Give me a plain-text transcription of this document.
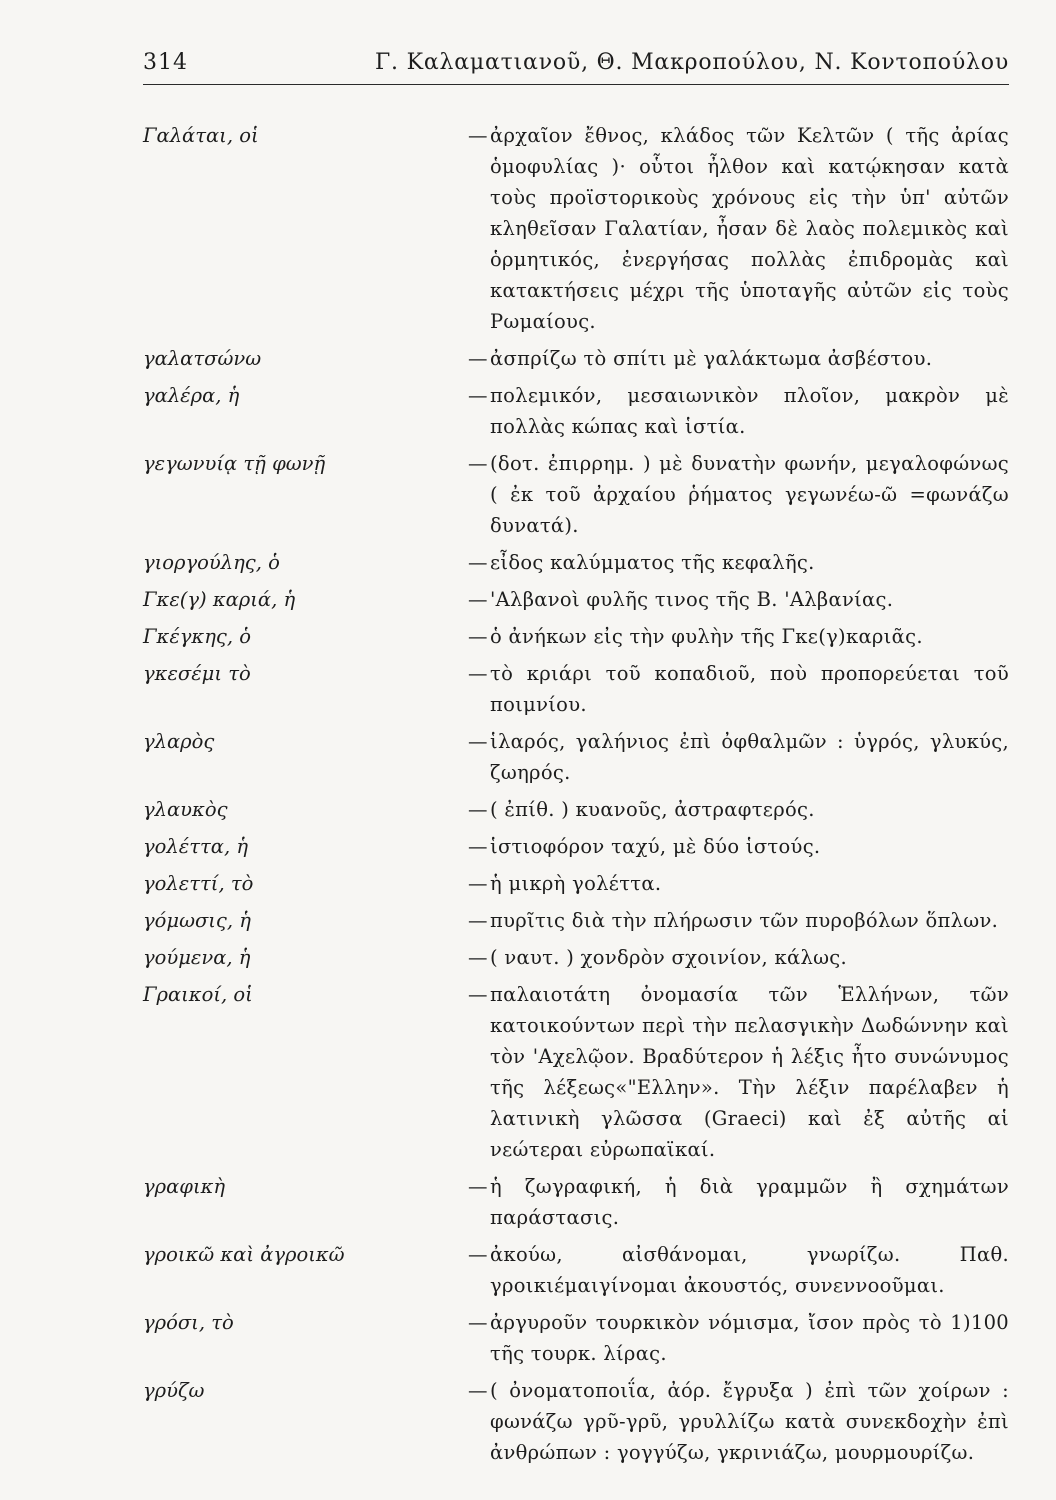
314	Γ. Καλαματιανοῦ, Θ. Μακροπούλου, Ν. Κοντοπούλου
Γαλάται, οἱ	— ἀρχαῖον ἔθνος, κλάδος τῶν Κελτῶν ( τῆς ἀρίας ὁμοφυλίας )· οὗτοι ἦλθον καὶ κατῴκησαν κατὰ τοὺς προϊστορικοὺς χρόνους εἰς τὴν ὑπ' αὐτῶν κληθεῖσαν Γαλατίαν, ἦσαν δὲ λαὸς πολεμικὸς καὶ ὁρμητικός, ἐνεργήσας πολλὰς ἐπιδρομὰς καὶ κατακτήσεις μέχρι τῆς ὑποταγῆς αὐτῶν εἰς τοὺς Ρωμαίους.
γαλατσώνω	— ἀσπρίζω τὸ σπίτι μὲ γαλάκτωμα ἀσβέστου.
γαλέρα, ἡ	— πολεμικόν, μεσαιωνικὸν πλοῖον, μακρὸν μὲ πολλὰς κώπας καὶ ἱστία.
γεγωνυίᾳ τῇ φωνῇ	— (δοτ. ἐπιρρημ. ) μὲ δυνατὴν φωνήν, μεγαλοφώνως ( ἐκ τοῦ ἀρχαίου ῥήματος γεγωνέω-ῶ =φωνάζω δυνατά).
γιοργούλης, ὁ	— εἶδος καλύμματος τῆς κεφαλῆς.
Γκε(γ) καριά, ἡ	— 'Αλβανοὶ φυλῆς τινος τῆς Β. 'Αλβανίας.
Γκέγκης, ὁ	— ὁ ἀνήκων εἰς τὴν φυλὴν τῆς Γκε(γ)καριᾶς.
γκεσέμι τὸ	— τὸ κριάρι τοῦ κοπαδιοῦ, ποὺ προπορεύεται τοῦ ποιμνίου.
γλαρὸς	— ἱλαρός, γαλήνιος ἐπὶ ὀφθαλμῶν : ὑγρός, γλυκύς, ζωηρός.
γλαυκὸς	— ( ἐπίθ. ) κυανοῦς, ἀστραφτερός.
γολέττα, ἡ	— ἱστιοφόρον ταχύ, μὲ δύο ἱστούς.
γολεττί, τὸ	— ἡ μικρὴ γολέττα.
γόμωσις, ἡ	— πυρῖτις διὰ τὴν πλήρωσιν τῶν πυροβόλων ὅπλων.
γούμενα, ἡ	— ( ναυτ. ) χονδρὸν σχοινίον, κάλως.
Γραικοί, οἱ	— παλαιοτάτη ὀνομασία τῶν Ἑλλήνων, τῶν κατοικούντων περὶ τὴν πελασγικὴν Δωδώννην καὶ τὸν 'Αχελῷον. Βραδύτερον ἡ λέξις ἦτο συνώνυμος τῆς λέξεως«"Ελλην». Τὴν λέξιν παρέλαβεν ἡ λατινικὴ γλῶσσα (Graeci) καὶ ἐξ αὐτῆς αἱ νεώτεραι εὐρωπαϊκαί.
γραφικὴ	— ἡ ζωγραφική, ἡ διὰ γραμμῶν ἢ σχημάτων παράστασις.
γροικῶ καὶ ἀγροικῶ	— ἀκούω, αἰσθάνομαι, γνωρίζω. Παθ. γροικιέμαιγίνομαι ἀκουστός, συνεννοοῦμαι.
γρόσι, τὸ	— ἀργυροῦν τουρκικὸν νόμισμα, ἴσον πρὸς τὸ 1)100 τῆς τουρκ. λίρας.
γρύζω	— ( ὀνοματοποιΐα, ἀόρ. ἔγρυξα ) ἐπὶ τῶν χοίρων : φωνάζω γρῦ-γρῦ, γρυλλίζω κατὰ συνεκδοχὴν ἐπὶ ἀνθρώπων : γογγύζω, γκρινιάζω, μουρμουρίζω.
